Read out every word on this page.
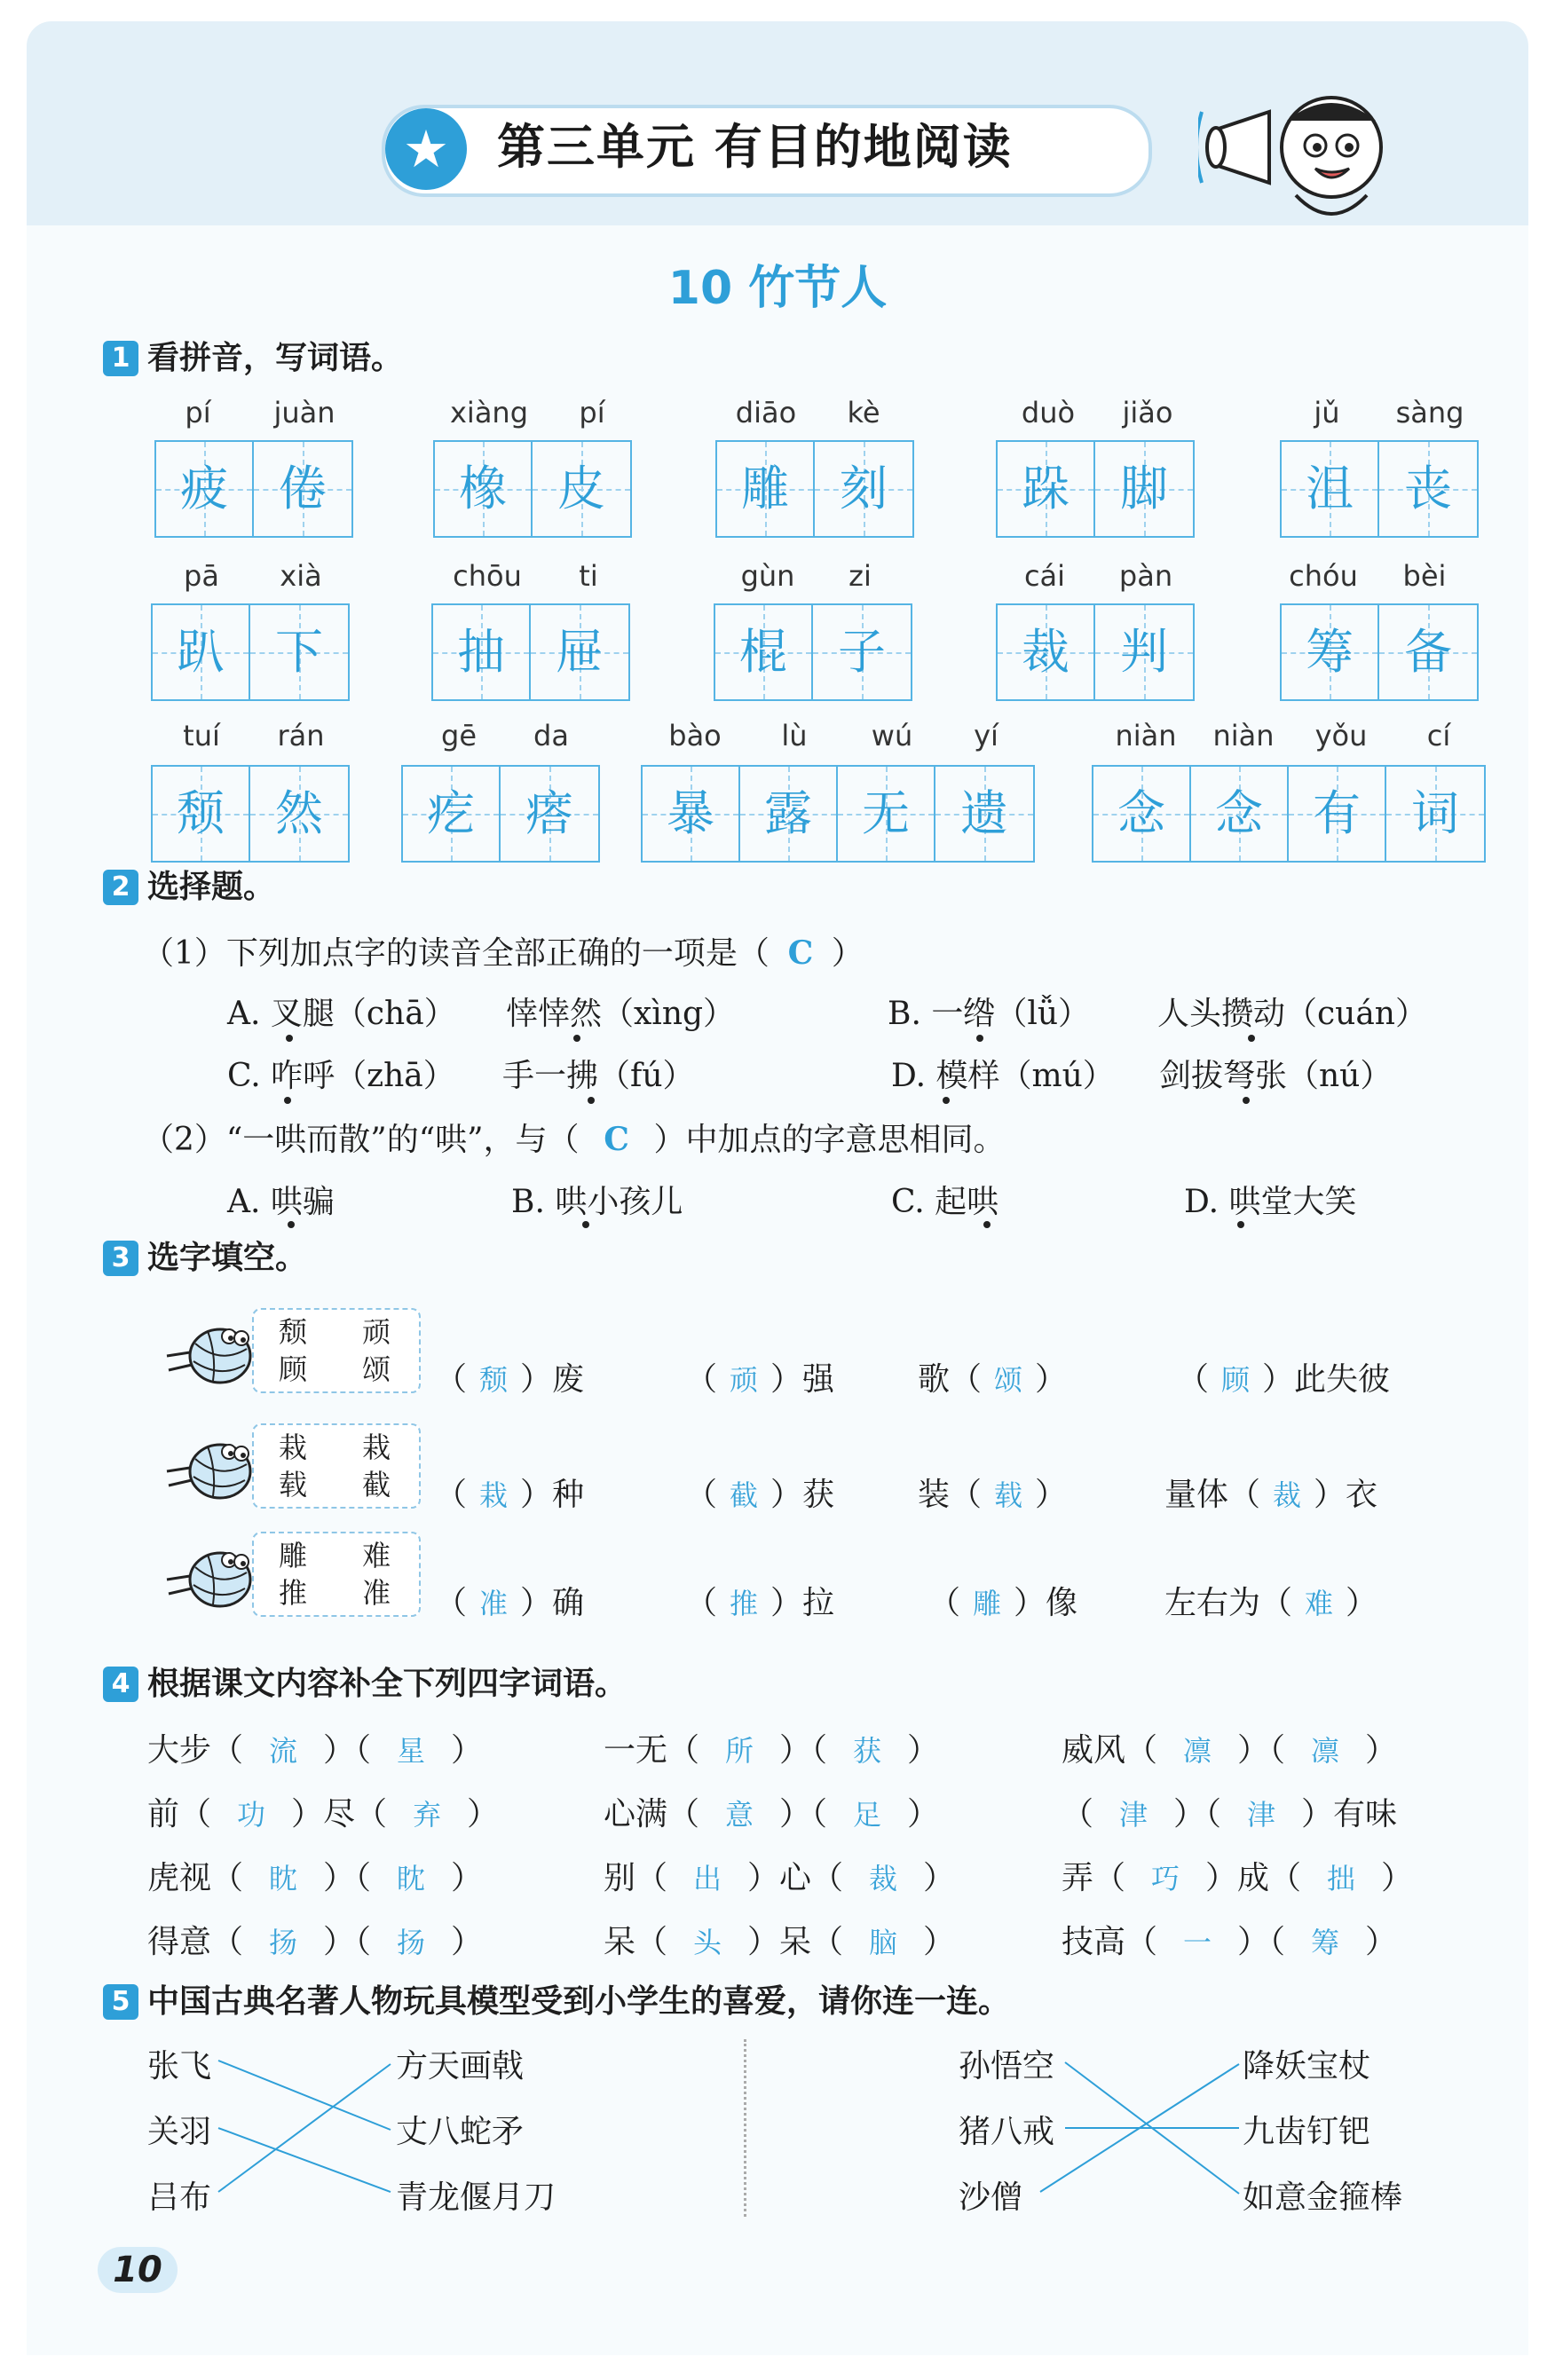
★	第三单元 有目的地阅读
10 竹节人
1 看拼音，写词语。
pí	juàn
疲	倦
xiàng	pí
橡	皮
diāo	kè
雕	刻
duò	jiǎo
跺	脚
jǔ	sàng
沮	丧
pā	xià
趴	下
chōu	ti
抽	屉
gùn	zi
棍	子
cái	pàn
裁	判
chóu	bèi
筹	备
tuí	rán
颓	然
gē	da
疙	瘩
bào	lù	wú	yí
暴	露	无	遗
niàn	niàn	yǒu	cí
念	念	有	词
2 选择题。
（1）下列加点字的读音全部正确的一项是（ C ）
A. 叉腿（chā） 悻悻然（xìng）	B. 一绺（lǚ） 人头攒动（cuán）
C. 咋呼（zhā） 手一拂（fú）	D. 模样（mú） 剑拔弩张（nú）
（2）“一哄而散”的“哄”，与（ C ）中加点的字意思相同。
A. 哄骗	B. 哄小孩儿	C. 起哄	D. 哄堂大笑
3 选字填空。
颓 顽
顾 颂 （ 颓 ）废	（ 顽 ）强	歌（ 颂 ）	（ 顾 ）此失彼
栽 栽
载 截 （ 栽 ）种	（ 截 ）获	装（ 载 ）	量体（ 裁 ）衣
雕 难
推 准 （ 准 ）确	（ 推 ）拉	（ 雕 ）像	左右为（ 难 ）
4 根据课文内容补全下列四字词语。
大步（ 流 ）（ 星 ）	一无（ 所 ）（ 获 ）	威风（ 凛 ）（ 凛 ）
前（ 功 ）尽（ 弃 ）	心满（ 意 ）（ 足 ）	（ 津 ）（ 津 ）有味
虎视（ 眈 ）（ 眈 ）	别（ 出 ）心（ 裁 ）	弄（ 巧 ）成（ 拙 ）
得意（ 扬 ）（ 扬 ）	呆（ 头 ）呆（ 脑 ）	技高（ 一 ）（ 筹 ）
5 中国古典名著人物玩具模型受到小学生的喜爱，请你连一连。
张飞
关羽
吕布
方天画戟
丈八蛇矛
青龙偃月刀
孙悟空
猪八戒
沙僧
降妖宝杖
九齿钉钯
如意金箍棒
10
